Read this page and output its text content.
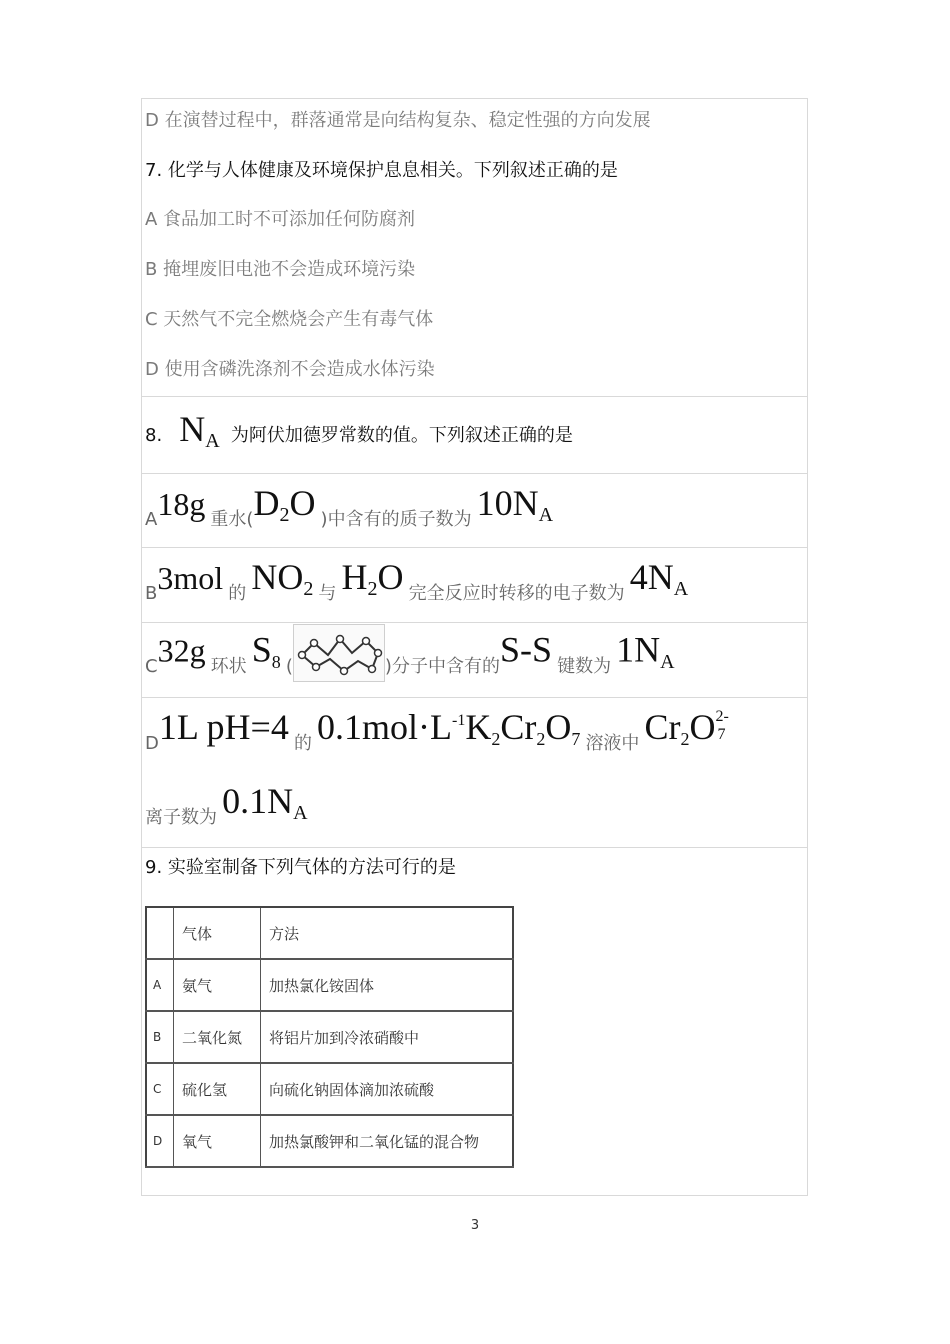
D 在演替过程中，群落通常是向结构复杂、稳定性强的方向发展
7. 化学与人体健康及环境保护息息相关。下列叙述正确的是
A 食品加工时不可添加任何防腐剂
B 掩埋废旧电池不会造成环境污染
C 天然气不完全燃烧会产生有毒气体
D 使用含磷洗涤剂不会造成水体污染
8. NA 为阿伏加德罗常数的值。下列叙述正确的是
A18g 重水(D2O )中含有的质子数为 10NA
B3mol 的 NO2 与 H2O 完全反应时转移的电子数为 4NA
C32g 环状 S8 (	)分子中含有的S-S 键数为 1NA
D1L pH=4 的 0.1mol·L-1K2Cr2O7 溶液中 Cr2O 2-
7
离子数为 0.1NA
9. 实验室制备下列气体的方法可行的是
	气体	方法
A	氨气	加热氯化铵固体
B	二氧化氮	将铝片加到冷浓硝酸中
C	硫化氢	向硫化钠固体滴加浓硫酸
D	氧气	加热氯酸钾和二氧化锰的混合物
3
